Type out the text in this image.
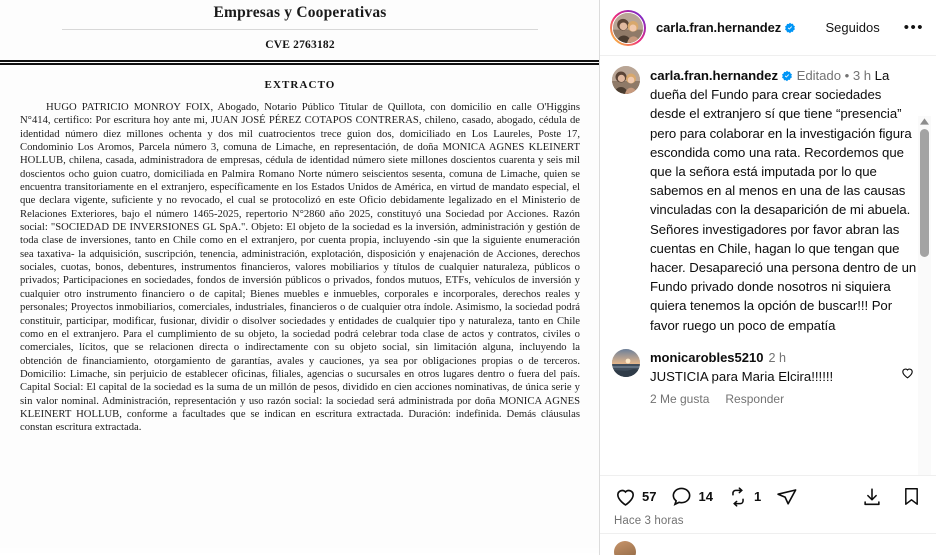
Empresas y Cooperativas
CVE 2763182
EXTRACTO
HUGO PATRICIO MONROY FOIX, Abogado, Notario Público Titular de Quillota, con domicilio en calle O'Higgins N°414, certifico: Por escritura hoy ante mi, JUAN JOSÉ PÉREZ COTAPOS CONTRERAS, chileno, casado, abogado, cédula de identidad número diez millones ochenta y dos mil cuatrocientos trece guion dos, domiciliado en Los Laureles, Poste 17, Condominio Los Aromos, Parcela número 3, comuna de Limache, en representación, de doña MONICA AGNES KLEINERT HOLLUB, chilena, casada, administradora de empresas, cédula de identidad número siete millones doscientos cuarenta y seis mil doscientos ocho guion cuatro, domiciliada en Palmira Romano Norte número seiscientos sesenta, comuna de Limache, quien se encuentra transitoriamente en el extranjero, específicamente en los Estados Unidos de América, en virtud de mandato especial, el que declara vigente, suficiente y no revocado, el cual se protocolizó en este Oficio debidamente legalizado en el Ministerio de Relaciones Exteriores, bajo el número 1465-2025, repertorio N°2860 año 2025, constituyó una Sociedad por Acciones. Razón social: "SOCIEDAD DE INVERSIONES GL SpA.". Objeto: El objeto de la sociedad es la inversión, administración y gestión de toda clase de inversiones, tanto en Chile como en el extranjero, por cuenta propia, incluyendo -sin que la siguiente enumeración sea taxativa- la adquisición, suscripción, tenencia, administración, explotación, disposición y enajenación de Acciones, derechos sociales, cuotas, bonos, debentures, instrumentos financieros, valores mobiliarios y títulos de cualquier naturaleza, públicos o privados; Participaciones en sociedades, fondos de inversión públicos o privados, fondos mutuos, ETFs, vehículos de inversión y cualquier otro instrumento financiero o de capital; Bienes muebles e inmuebles, corporales e incorporales, derechos reales y personales; Proyectos inmobiliarios, comerciales, industriales, financieros o de cualquier otra índole. Asimismo, la sociedad podrá constituir, participar, modificar, fusionar, dividir o disolver sociedades y entidades de cualquier tipo y naturaleza, tanto en Chile como en el extranjero. Para el cumplimiento de su objeto, la sociedad podrá celebrar toda clase de actos y contratos, civiles o comerciales, lícitos, que se relacionen directa o indirectamente con su objeto social, sin limitación alguna, incluyendo la obtención de financiamiento, otorgamiento de garantías, avales y cauciones, ya sea por obligaciones propias o de terceros. Domicilio: Limache, sin perjuicio de establecer oficinas, filiales, agencias o sucursales en otros lugares dentro o fuera del país. Capital Social: El capital de la sociedad es la suma de un millón de pesos, dividido en cien acciones nominativas, de única serie y sin valor nominal. Administración, representación y uso razón social: la sociedad será administrada por doña MONICA AGNES KLEINERT HOLLUB, conforme a facultades que se indican en escritura extractada. Duración: indefinida. Demás cláusulas constan escritura extractada.
carla.fran.hernandez	Seguidos •••
carla.fran.hernandez Editado • 3 h La dueña del Fundo para crear sociedades desde el extranjero sí que tiene “presencia” pero para colaborar en la investigación figura escondida como una rata. Recordemos que que la señora está imputada por lo que sabemos en al menos en una de las causas vinculadas con la desaparición de mi abuela. Señores investigadores por favor abran las cuentas en Chile, hagan lo que tengan que hacer. Desapareció una persona dentro de un Fundo privado donde nosotros ni siquiera quiera tenemos la opción de buscar!!! Por favor ruego un poco de empatía
monicarobles5210 2 h
JUSTICIA para Maria Elcira!!!!!!
2 Me gusta Responder
57	14	1
Hace 3 horas
